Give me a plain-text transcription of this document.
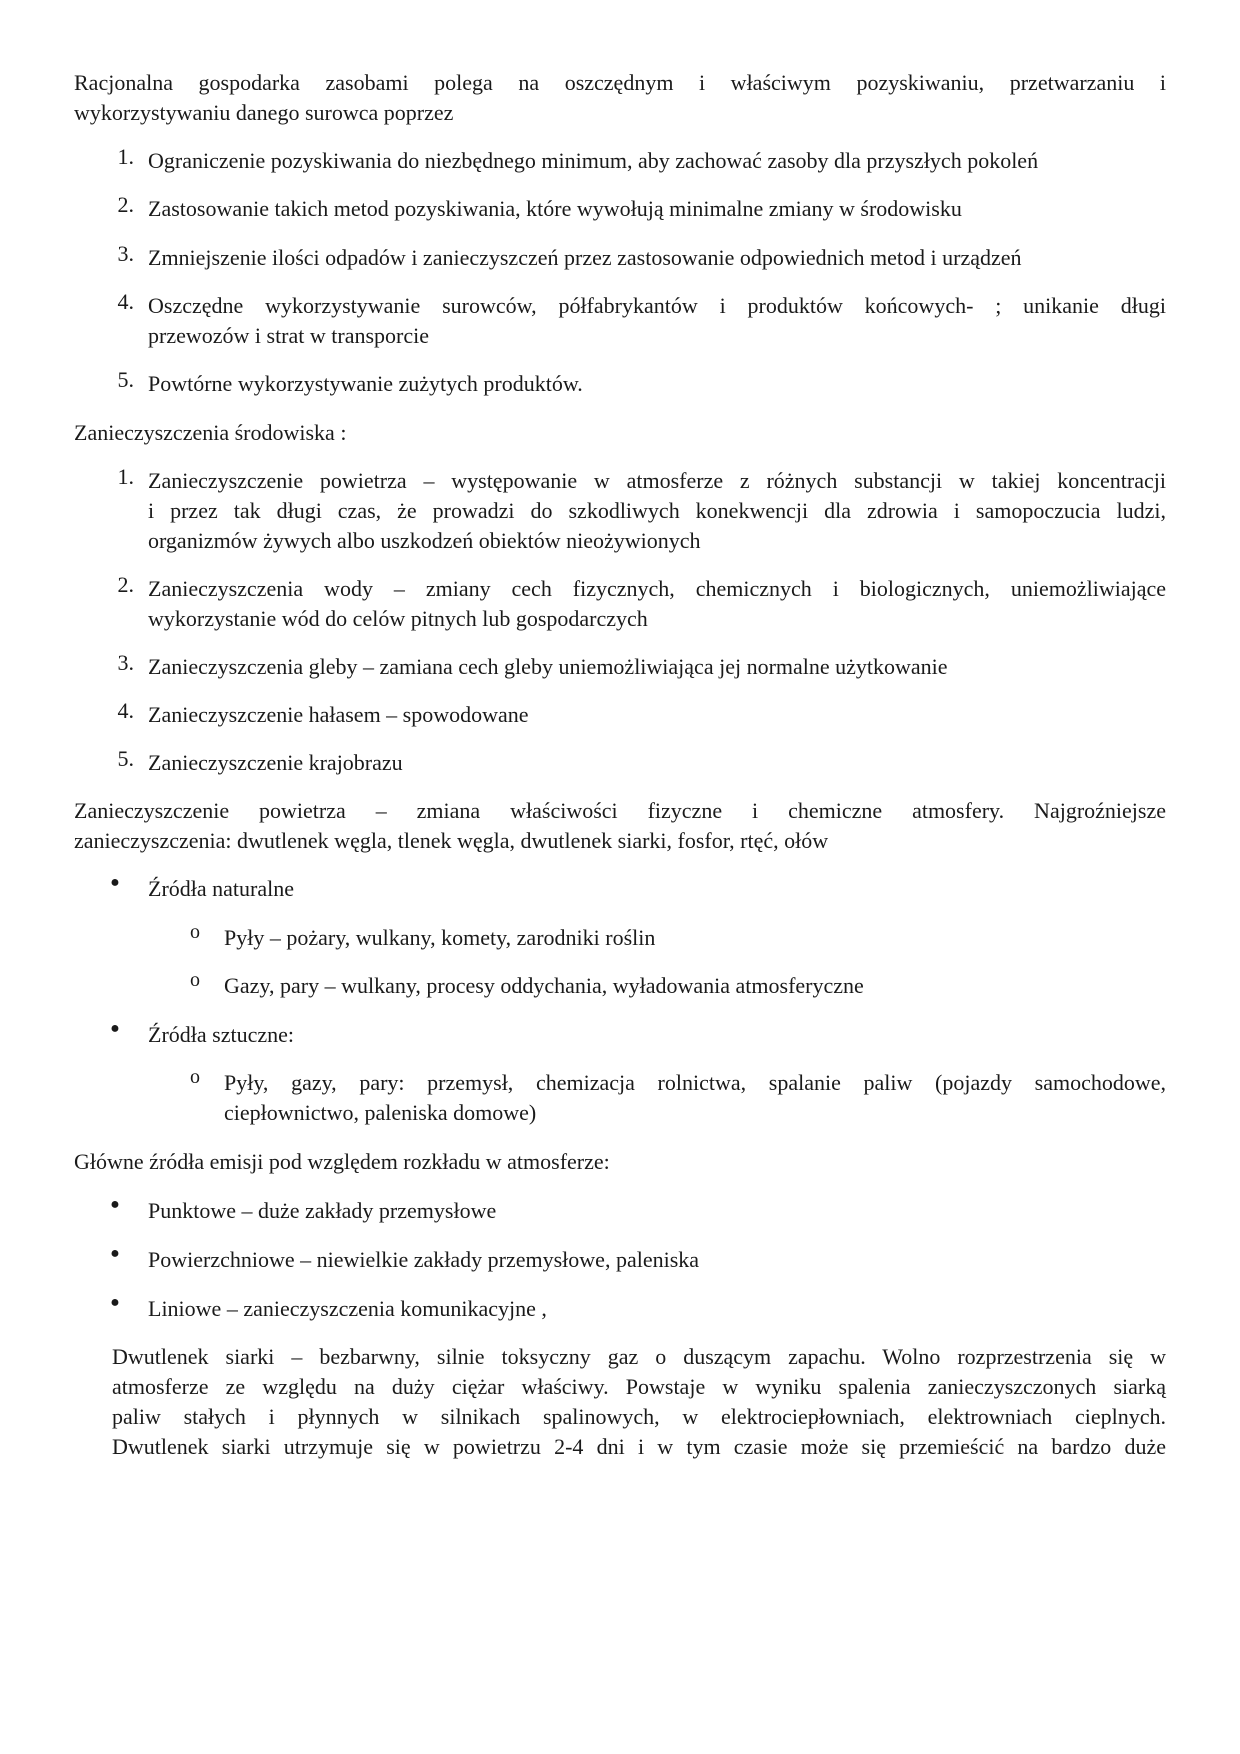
Racjonalna gospodarka zasobami polega na oszczędnym i właściwym pozyskiwaniu, przetwarzaniu i

wykorzystywaniu danego surowca poprzez

1. Ograniczenie pozyskiwania do niezbędnego minimum, aby zachować zasoby dla przyszłych pokoleń
2. Zastosowanie takich metod pozyskiwania, które wywołują minimalne zmiany w środowisku
3. Zmniejszenie ilości odpadów i zanieczyszczeń przez zastosowanie odpowiednich metod i urządzeń
4. Oszczędne wykorzystywanie surowców, półfabrykantów i produktów końcowych- ; unikanie długi
przewozów i strat w transporcie
5. Powtórne wykorzystywanie zużytych produktów.

Zanieczyszczenia środowiska :

1. Zanieczyszczenie powietrza – występowanie w atmosferze z różnych substancji w takiej koncentracji
i przez tak długi czas, że prowadzi do szkodliwych konekwencji dla zdrowia i samopoczucia ludzi,
organizmów żywych albo uszkodzeń obiektów nieożywionych
2. Zanieczyszczenia wody – zmiany cech fizycznych, chemicznych i biologicznych, uniemożliwiające
wykorzystanie wód do celów pitnych lub gospodarczych
3. Zanieczyszczenia gleby – zamiana cech gleby uniemożliwiająca jej normalne użytkowanie
4. Zanieczyszczenie hałasem – spowodowane
5. Zanieczyszczenie krajobrazu

Zanieczyszczenie powietrza – zmiana właściwości fizyczne i chemiczne atmosfery. Najgroźniejsze

zanieczyszczenia: dwutlenek węgla, tlenek węgla, dwutlenek siarki, fosfor, rtęć, ołów

● Źródła naturalne
o Pyły – pożary, wulkany, komety, zarodniki roślin
o Gazy, pary – wulkany, procesy oddychania, wyładowania atmosferyczne
● Źródła sztuczne:
o Pyły, gazy, pary: przemysł, chemizacja rolnictwa, spalanie paliw (pojazdy samochodowe,
ciepłownictwo, paleniska domowe)

Główne źródła emisji pod względem rozkładu w atmosferze:

● Punktowe – duże zakłady przemysłowe
● Powierzchniowe – niewielkie zakłady przemysłowe, paleniska
● Liniowe – zanieczyszczenia komunikacyjne ,

Dwutlenek siarki – bezbarwny, silnie toksyczny gaz o duszącym zapachu. Wolno rozprzestrzenia się w

atmosferze ze względu na duży ciężar właściwy. Powstaje w wyniku spalenia zanieczyszczonych siarką

paliw stałych i płynnych w silnikach spalinowych, w elektrociepłowniach, elektrowniach cieplnych.

Dwutlenek siarki utrzymuje się w powietrzu 2-4 dni i w tym czasie może się przemieścić na bardzo duże
